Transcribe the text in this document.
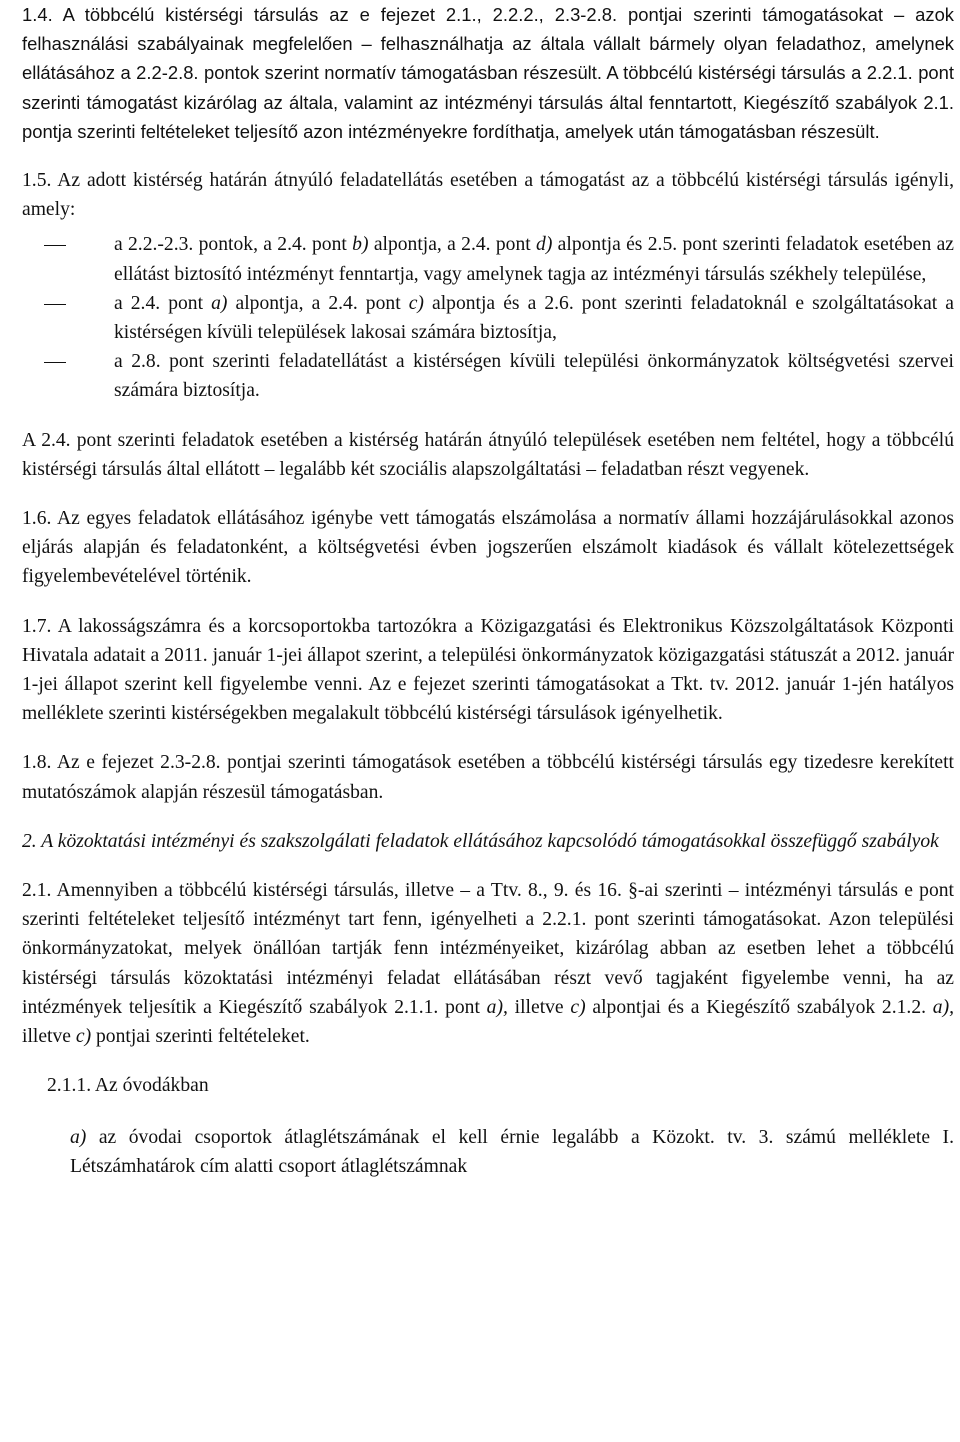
1.4. A többcélú kistérségi társulás az e fejezet 2.1., 2.2.2., 2.3-2.8. pontjai szerinti támogatásokat – azok felhasználási szabályainak megfelelően – felhasználhatja az általa vállalt bármely olyan feladathoz, amelynek ellátásához a 2.2-2.8. pontok szerint normatív támogatásban részesült. A többcélú kistérségi társulás a 2.2.1. pont szerinti támogatást kizárólag az általa, valamint az intézményi társulás által fenntartott, Kiegészítő szabályok 2.1. pontja szerinti feltételeket teljesítő azon intézményekre fordíthatja, amelyek után támogatásban részesült.

1.5. Az adott kistérség határán átnyúló feladatellátás esetében a támogatást az a többcélú kistérségi társulás igényli, amely:

a 2.2.-2.3. pontok, a 2.4. pont b) alpontja, a 2.4. pont d) alpontja és 2.5. pont szerinti feladatok esetében az ellátást biztosító intézményt fenntartja, vagy amelynek tagja az intézményi társulás székhely települése,
a 2.4. pont a) alpontja, a 2.4. pont c) alpontja és a 2.6. pont szerinti feladatoknál e szolgáltatásokat a kistérségen kívüli települések lakosai számára biztosítja,
a 2.8. pont szerinti feladatellátást a kistérségen kívüli települési önkormányzatok költségvetési szervei számára biztosítja.

A 2.4. pont szerinti feladatok esetében a kistérség határán átnyúló települések esetében nem feltétel, hogy a többcélú kistérségi társulás által ellátott – legalább két szociális alapszolgáltatási – feladatban részt vegyenek.

1.6. Az egyes feladatok ellátásához igénybe vett támogatás elszámolása a normatív állami hozzájárulásokkal azonos eljárás alapján és feladatonként, a költségvetési évben jogszerűen elszámolt kiadások és vállalt kötelezettségek figyelembevételével történik.

1.7. A lakosságszámra és a korcsoportokba tartozókra a Közigazgatási és Elektronikus Közszolgáltatások Központi Hivatala adatait a 2011. január 1-jei állapot szerint, a települési önkormányzatok közigazgatási státuszát a 2012. január 1-jei állapot szerint kell figyelembe venni. Az e fejezet szerinti támogatásokat a Tkt. tv. 2012. január 1-jén hatályos melléklete szerinti kistérségekben megalakult többcélú kistérségi társulások igényelhetik.

1.8. Az e fejezet 2.3-2.8. pontjai szerinti támogatások esetében a többcélú kistérségi társulás egy tizedesre kerekített mutatószámok alapján részesül támogatásban.

2. A közoktatási intézményi és szakszolgálati feladatok ellátásához kapcsolódó támogatásokkal összefüggő szabályok

2.1. Amennyiben a többcélú kistérségi társulás, illetve – a Ttv. 8., 9. és 16. §-ai szerinti – intézményi társulás e pont szerinti feltételeket teljesítő intézményt tart fenn, igényelheti a 2.2.1. pont szerinti támogatásokat. Azon települési önkormányzatokat, melyek önállóan tartják fenn intézményeiket, kizárólag abban az esetben lehet a többcélú kistérségi társulás közoktatási intézményi feladat ellátásában részt vevő tagjaként figyelembe venni, ha az intézmények teljesítik a Kiegészítő szabályok 2.1.1. pont a), illetve c) alpontjai és a Kiegészítő szabályok 2.1.2. a), illetve c) pontjai szerinti feltételeket.

2.1.1. Az óvodákban

a) az óvodai csoportok átlaglétszámának el kell érnie legalább a Közokt. tv. 3. számú melléklete I. Létszámhatárok cím alatti csoport átlaglétszámnak
